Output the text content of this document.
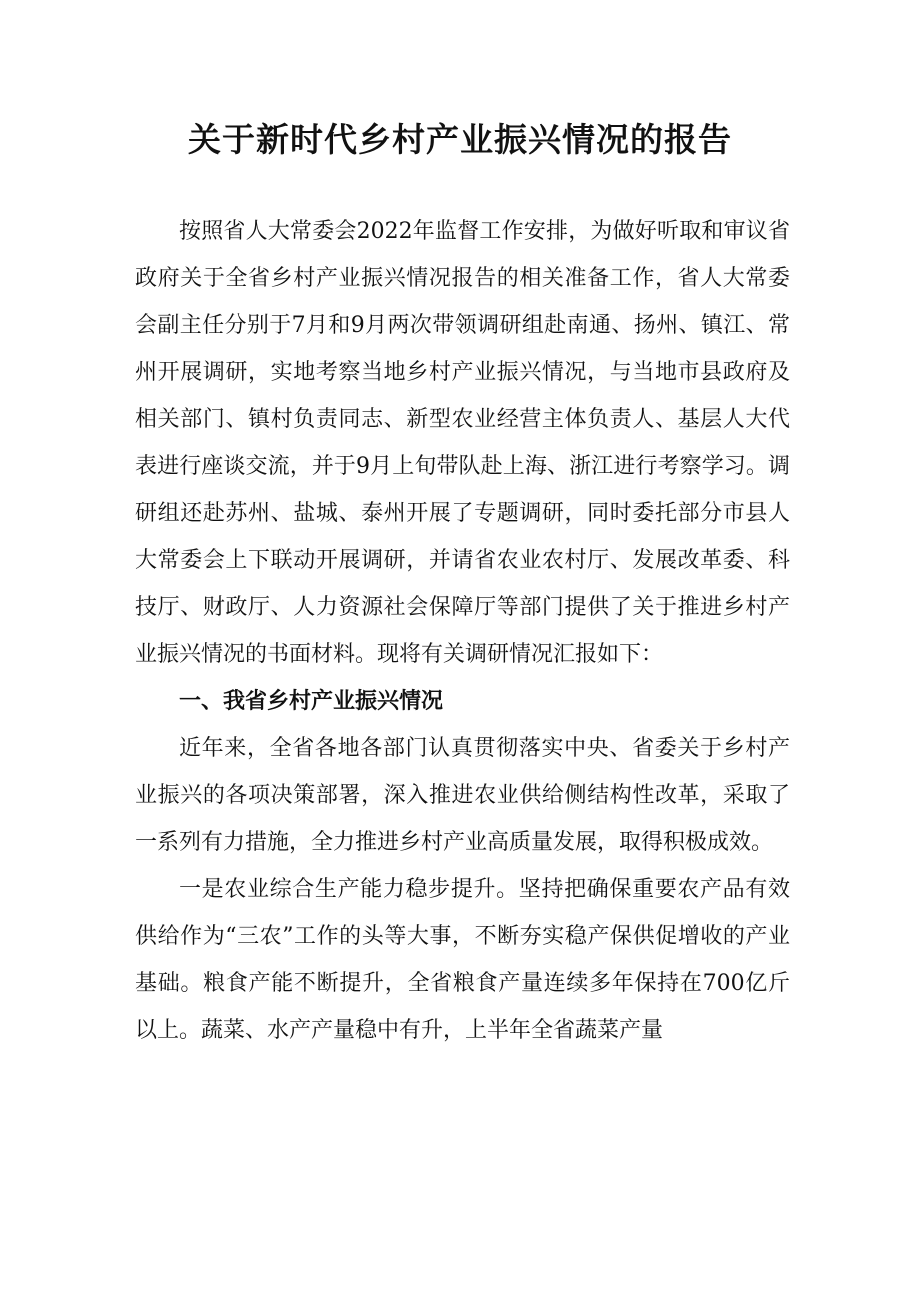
关于新时代乡村产业振兴情况的报告

按照省人大常委会2022年监督工作安排，为做好听取和审议省政府关于全省乡村产业振兴情况报告的相关准备工作，省人大常委会副主任分别于7月和9月两次带领调研组赴南通、扬州、镇江、常州开展调研，实地考察当地乡村产业振兴情况，与当地市县政府及相关部门、镇村负责同志、新型农业经营主体负责人、基层人大代表进行座谈交流，并于9月上旬带队赴上海、浙江进行考察学习。调研组还赴苏州、盐城、泰州开展了专题调研，同时委托部分市县人大常委会上下联动开展调研，并请省农业农村厅、发展改革委、科技厅、财政厅、人力资源社会保障厅等部门提供了关于推进乡村产业振兴情况的书面材料。现将有关调研情况汇报如下：

一、我省乡村产业振兴情况

近年来，全省各地各部门认真贯彻落实中央、省委关于乡村产业振兴的各项决策部署，深入推进农业供给侧结构性改革，采取了一系列有力措施，全力推进乡村产业高质量发展，取得积极成效。

一是农业综合生产能力稳步提升。坚持把确保重要农产品有效供给作为“三农”工作的头等大事，不断夯实稳产保供促增收的产业基础。粮食产能不断提升，全省粮食产量连续多年保持在700亿斤以上。蔬菜、水产产量稳中有升，上半年全省蔬菜产量
